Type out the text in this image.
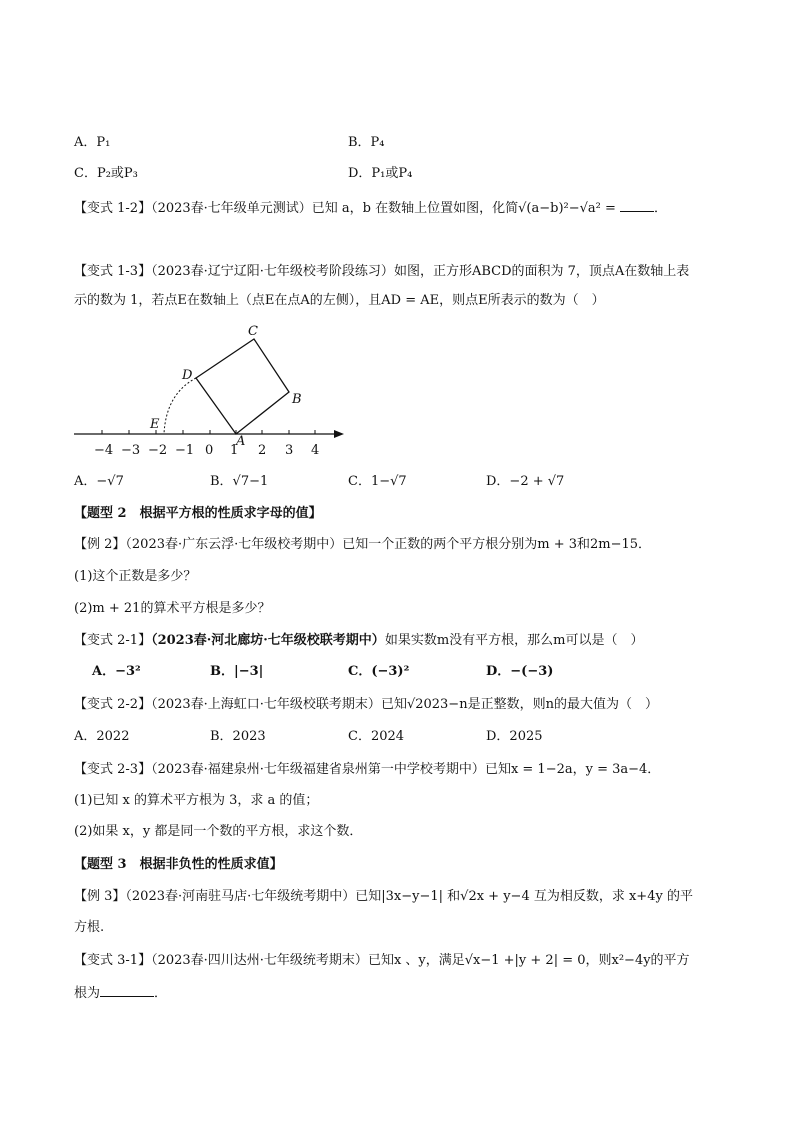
A．P₁	B．P₄
C．P₂或P₃	D．P₁或P₄
【变式 1-2】（2023春·七年级单元测试）已知 a，b 在数轴上位置如图，化简√(a−b)²−√a² =	．
【变式 1-3】（2023春·辽宁辽阳·七年级校考阶段练习）如图，正方形ABCD的面积为 7，顶点A在数轴上表
示的数为 1，若点E在数轴上（点E在点A的左侧），且AD = AE，则点E所表示的数为（　）
−4 −3 −2 −1 0 1 2 3 4
A
B
C
D
E
A．−√7	B．√7−1	C．1−√7	D．−2 + √7
【题型 2　根据平方根的性质求字母的值】
【例 2】（2023春·广东云浮·七年级校考期中）已知一个正数的两个平方根分别为m + 3和2m−15．
(1)这个正数是多少？
(2)m + 21的算术平方根是多少？
【变式 2-1】（2023春·河北廊坊·七年级校联考期中）如果实数m没有平方根，那么m可以是（　）
A．−3²	B．|−3|	C．(−3)²	D．−(−3)
【变式 2-2】（2023春·上海虹口·七年级校联考期末）已知√2023−n是正整数，则n的最大值为（　）
A．2022	B．2023	C．2024	D．2025
【变式 2-3】（2023春·福建泉州·七年级福建省泉州第一中学校考期中）已知x = 1−2a，y = 3a−4．
(1)已知 x 的算术平方根为 3，求 a 的值；
(2)如果 x，y 都是同一个数的平方根，求这个数．
【题型 3　根据非负性的性质求值】
【例 3】（2023春·河南驻马店·七年级统考期中）已知|3x−y−1| 和√2x + y−4 互为相反数，求 x+4y 的平
方根.
【变式 3-1】（2023春·四川达州·七年级统考期末）已知x 、y，满足√x−1 +|y + 2| = 0，则x²−4y的平方
根为	．
